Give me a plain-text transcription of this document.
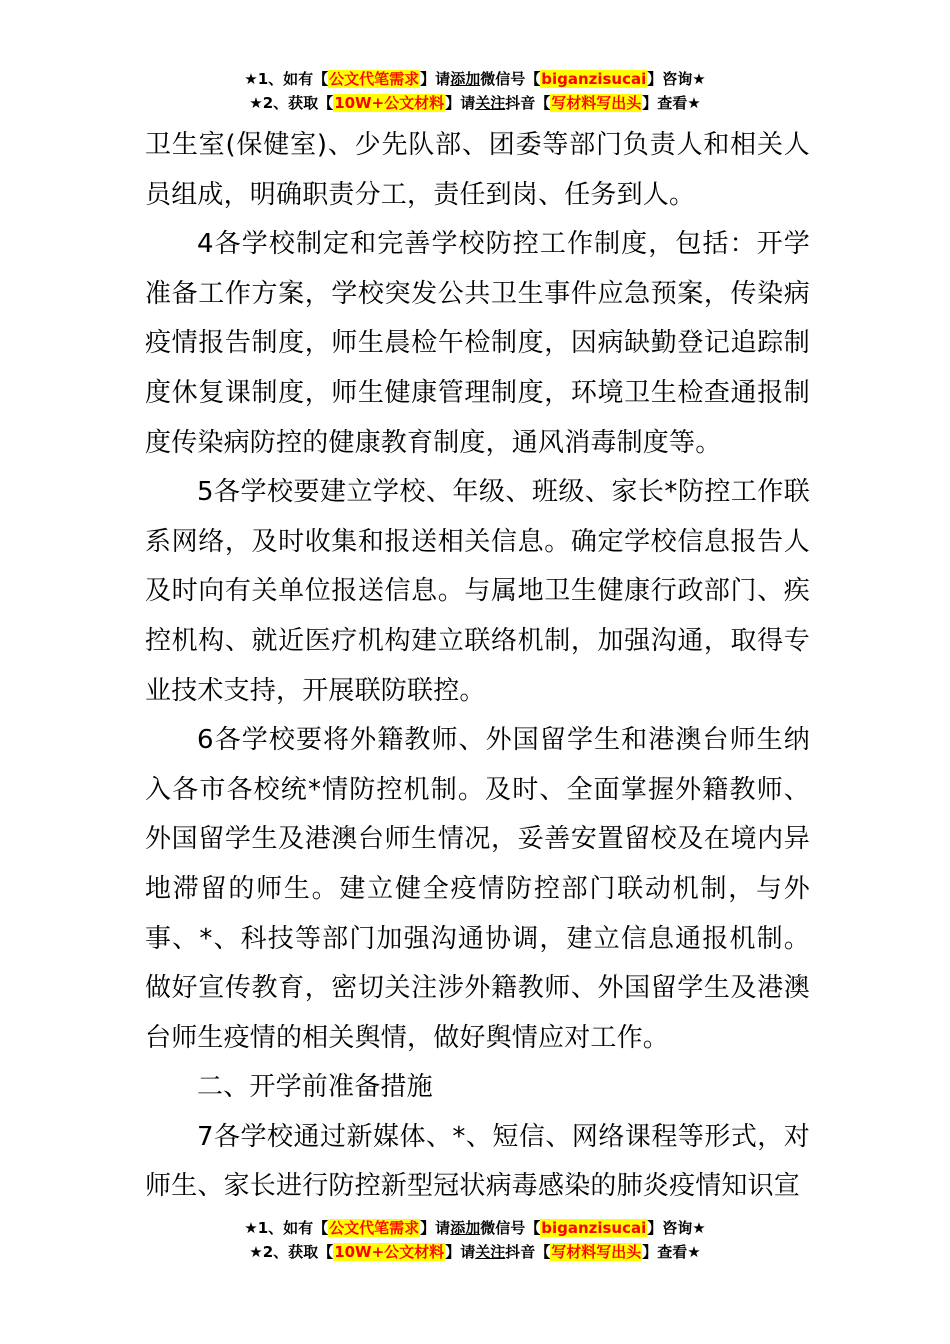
★1、如有【公文代笔需求】请添加微信号【biganzisucai】咨询★
★2、获取【10W+公文材料】请关注抖音【写材料写出头】查看★

卫生室(保健室)、少先队部、团委等部门负责人和相关人员组成，明确职责分工，责任到岗、任务到人。

4各学校制定和完善学校防控工作制度，包括：开学准备工作方案，学校突发公共卫生事件应急预案，传染病疫情报告制度，师生晨检午检制度，因病缺勤登记追踪制度休复课制度，师生健康管理制度，环境卫生检查通报制度传染病防控的健康教育制度，通风消毒制度等。

5各学校要建立学校、年级、班级、家长*防控工作联系网络，及时收集和报送相关信息。确定学校信息报告人及时向有关单位报送信息。与属地卫生健康行政部门、疾控机构、就近医疗机构建立联络机制，加强沟通，取得专业技术支持，开展联防联控。

6各学校要将外籍教师、外国留学生和港澳台师生纳入各市各校统*情防控机制。及时、全面掌握外籍教师、外国留学生及港澳台师生情况，妥善安置留校及在境内异地滞留的师生。建立健全疫情防控部门联动机制，与外事、*、科技等部门加强沟通协调，建立信息通报机制。做好宣传教育，密切关注涉外籍教师、外国留学生及港澳台师生疫情的相关舆情，做好舆情应对工作。

二、开学前准备措施

7各学校通过新媒体、*、短信、网络课程等形式，对师生、家长进行防控新型冠状病毒感染的肺炎疫情知识宣

★1、如有【公文代笔需求】请添加微信号【biganzisucai】咨询★
★2、获取【10W+公文材料】请关注抖音【写材料写出头】查看★
